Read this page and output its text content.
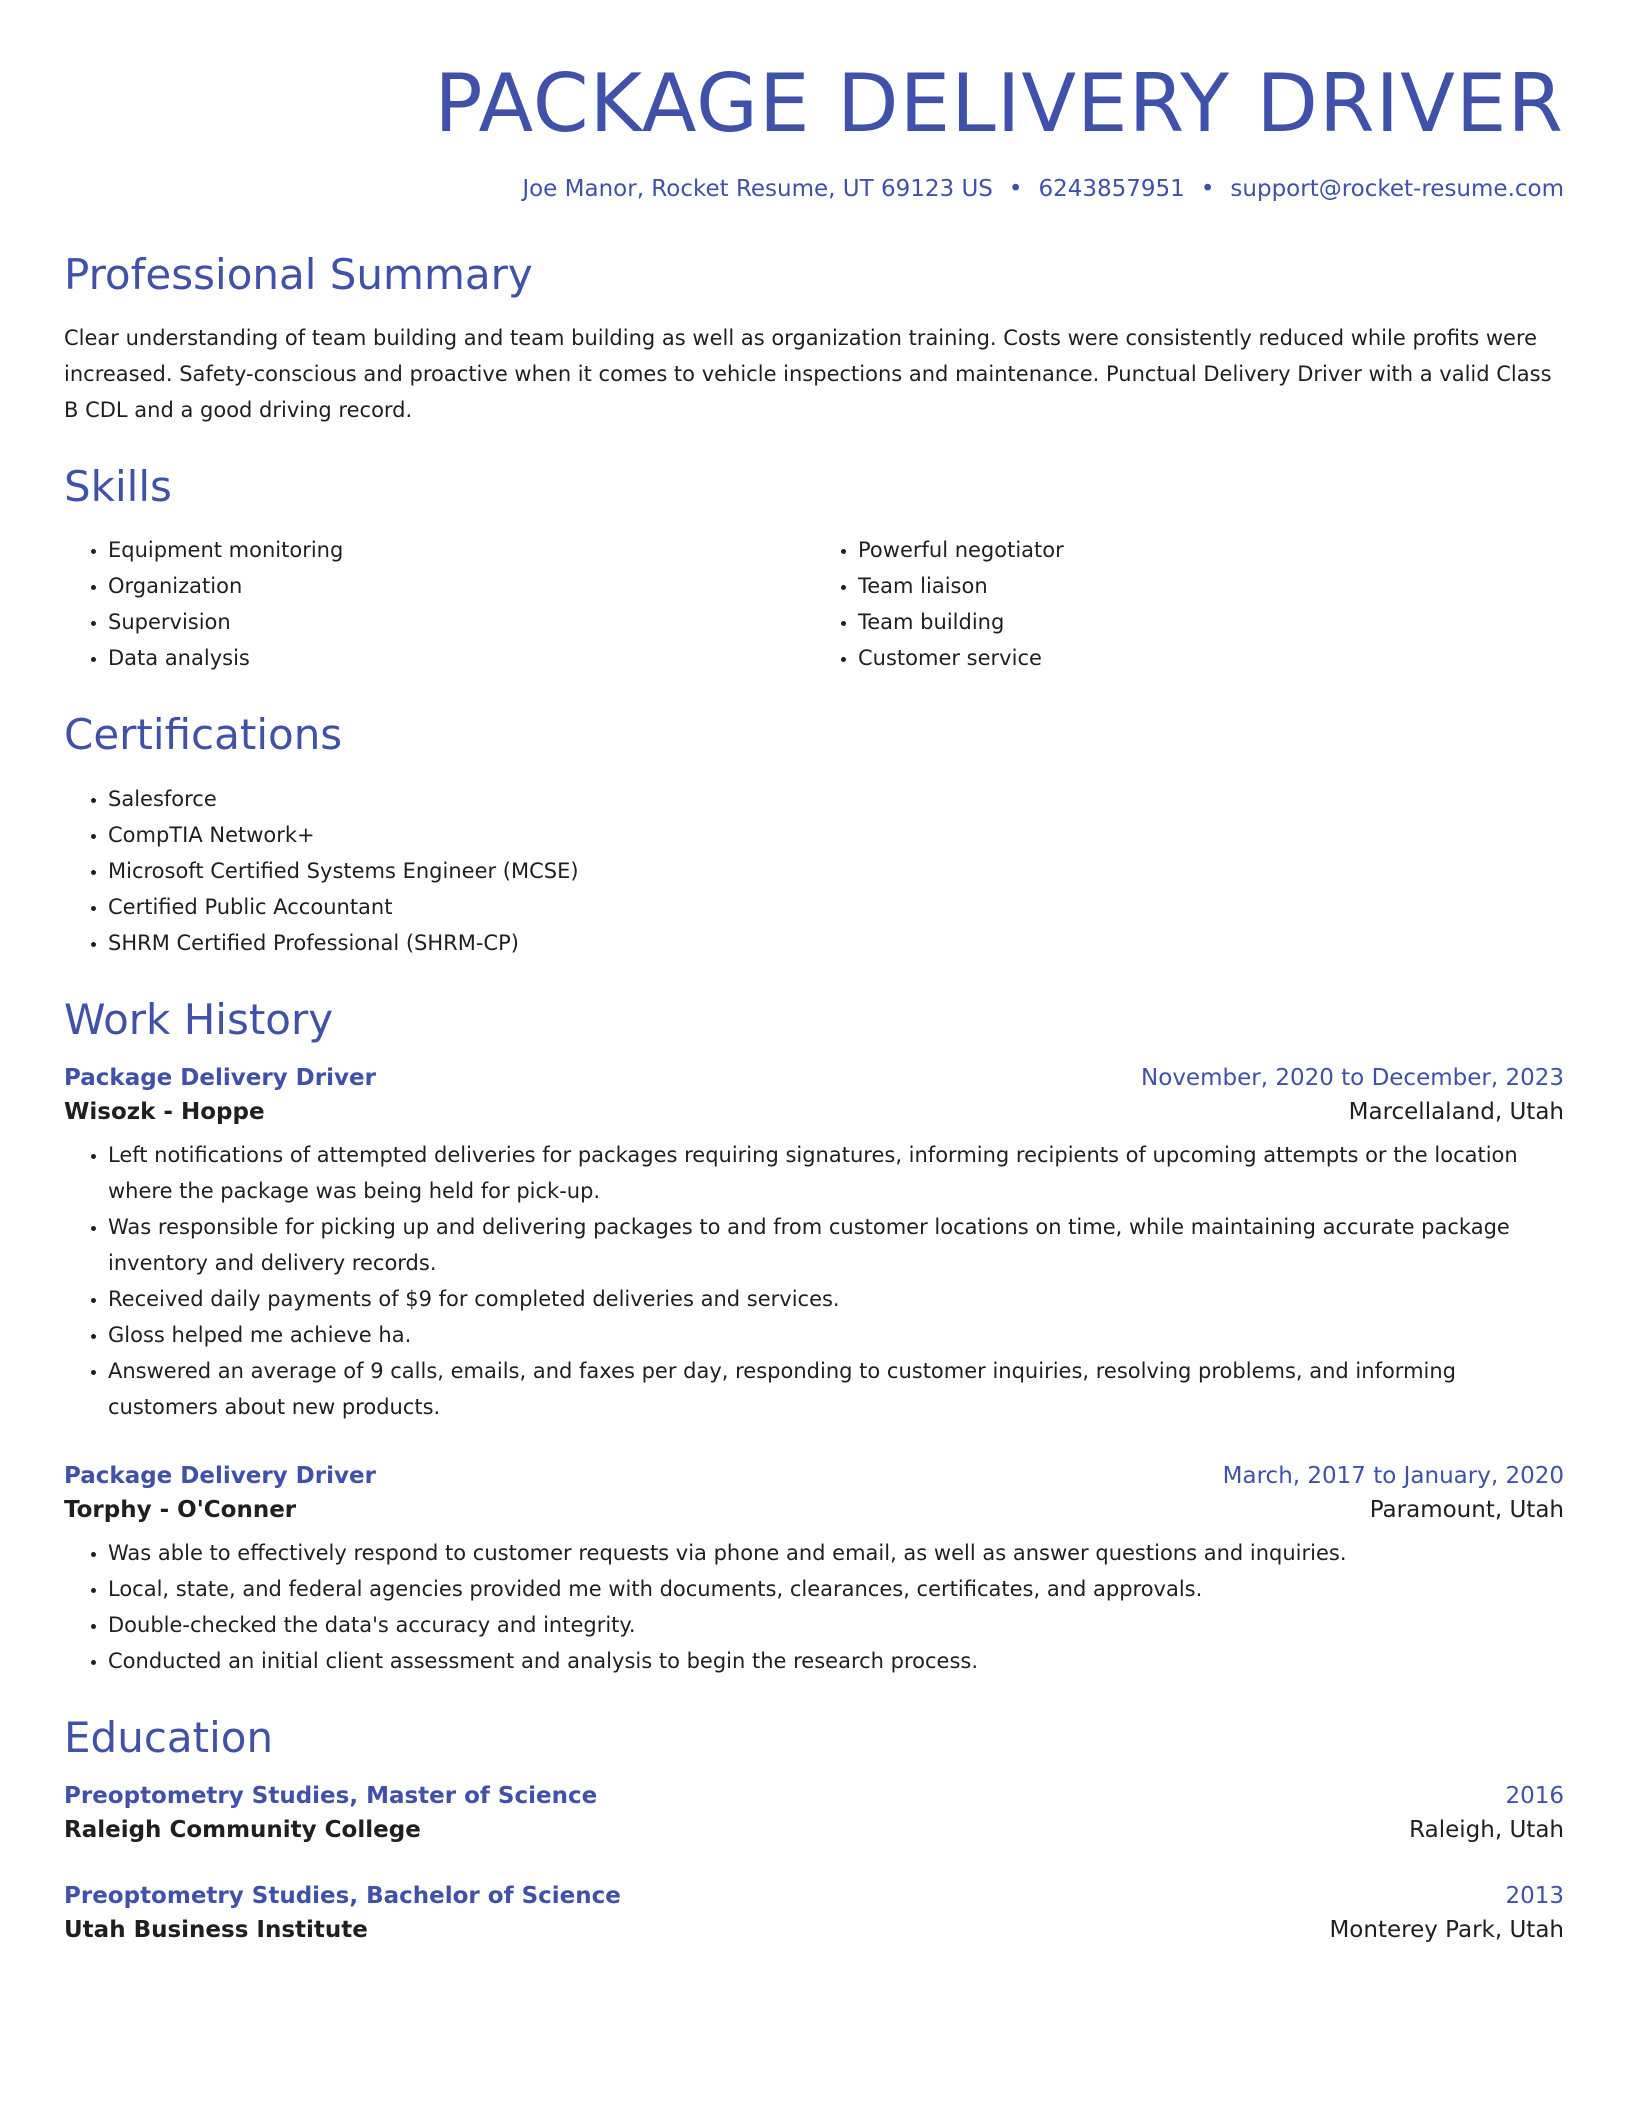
PACKAGE DELIVERY DRIVER
Joe Manor, Rocket Resume, UT 69123 US • 6243857951 • support@rocket-resume.com
Professional Summary

Clear understanding of team building and team building as well as organization training. Costs were consistently reduced while profits were increased. Safety-conscious and proactive when it comes to vehicle inspections and maintenance. Punctual Delivery Driver with a valid Class B CDL and a good driving record.

Skills
• Equipment monitoring
• Organization
• Supervision
• Data analysis
• Powerful negotiator
• Team liaison
• Team building
• Customer service
Certifications
• Salesforce
• CompTIA Network+
• Microsoft Certified Systems Engineer (MCSE)
• Certified Public Accountant
• SHRM Certified Professional (SHRM-CP)
Work History
Package Delivery Driver	November, 2020 to December, 2023
Wisozk - Hoppe	Marcellaland, Utah
• Left notifications of attempted deliveries for packages requiring signatures, informing recipients of upcoming attempts or the location where the package was being held for pick-up.
• Was responsible for picking up and delivering packages to and from customer locations on time, while maintaining accurate package inventory and delivery records.
• Received daily payments of $9 for completed deliveries and services.
• Gloss helped me achieve ha.
• Answered an average of 9 calls, emails, and faxes per day, responding to customer inquiries, resolving problems, and informing customers about new products.
Package Delivery Driver	March, 2017 to January, 2020
Torphy - O'Conner	Paramount, Utah
• Was able to effectively respond to customer requests via phone and email, as well as answer questions and inquiries.
• Local, state, and federal agencies provided me with documents, clearances, certificates, and approvals.
• Double-checked the data's accuracy and integrity.
• Conducted an initial client assessment and analysis to begin the research process.
Education
Preoptometry Studies, Master of Science	2016
Raleigh Community College	Raleigh, Utah
Preoptometry Studies, Bachelor of Science	2013
Utah Business Institute	Monterey Park, Utah
